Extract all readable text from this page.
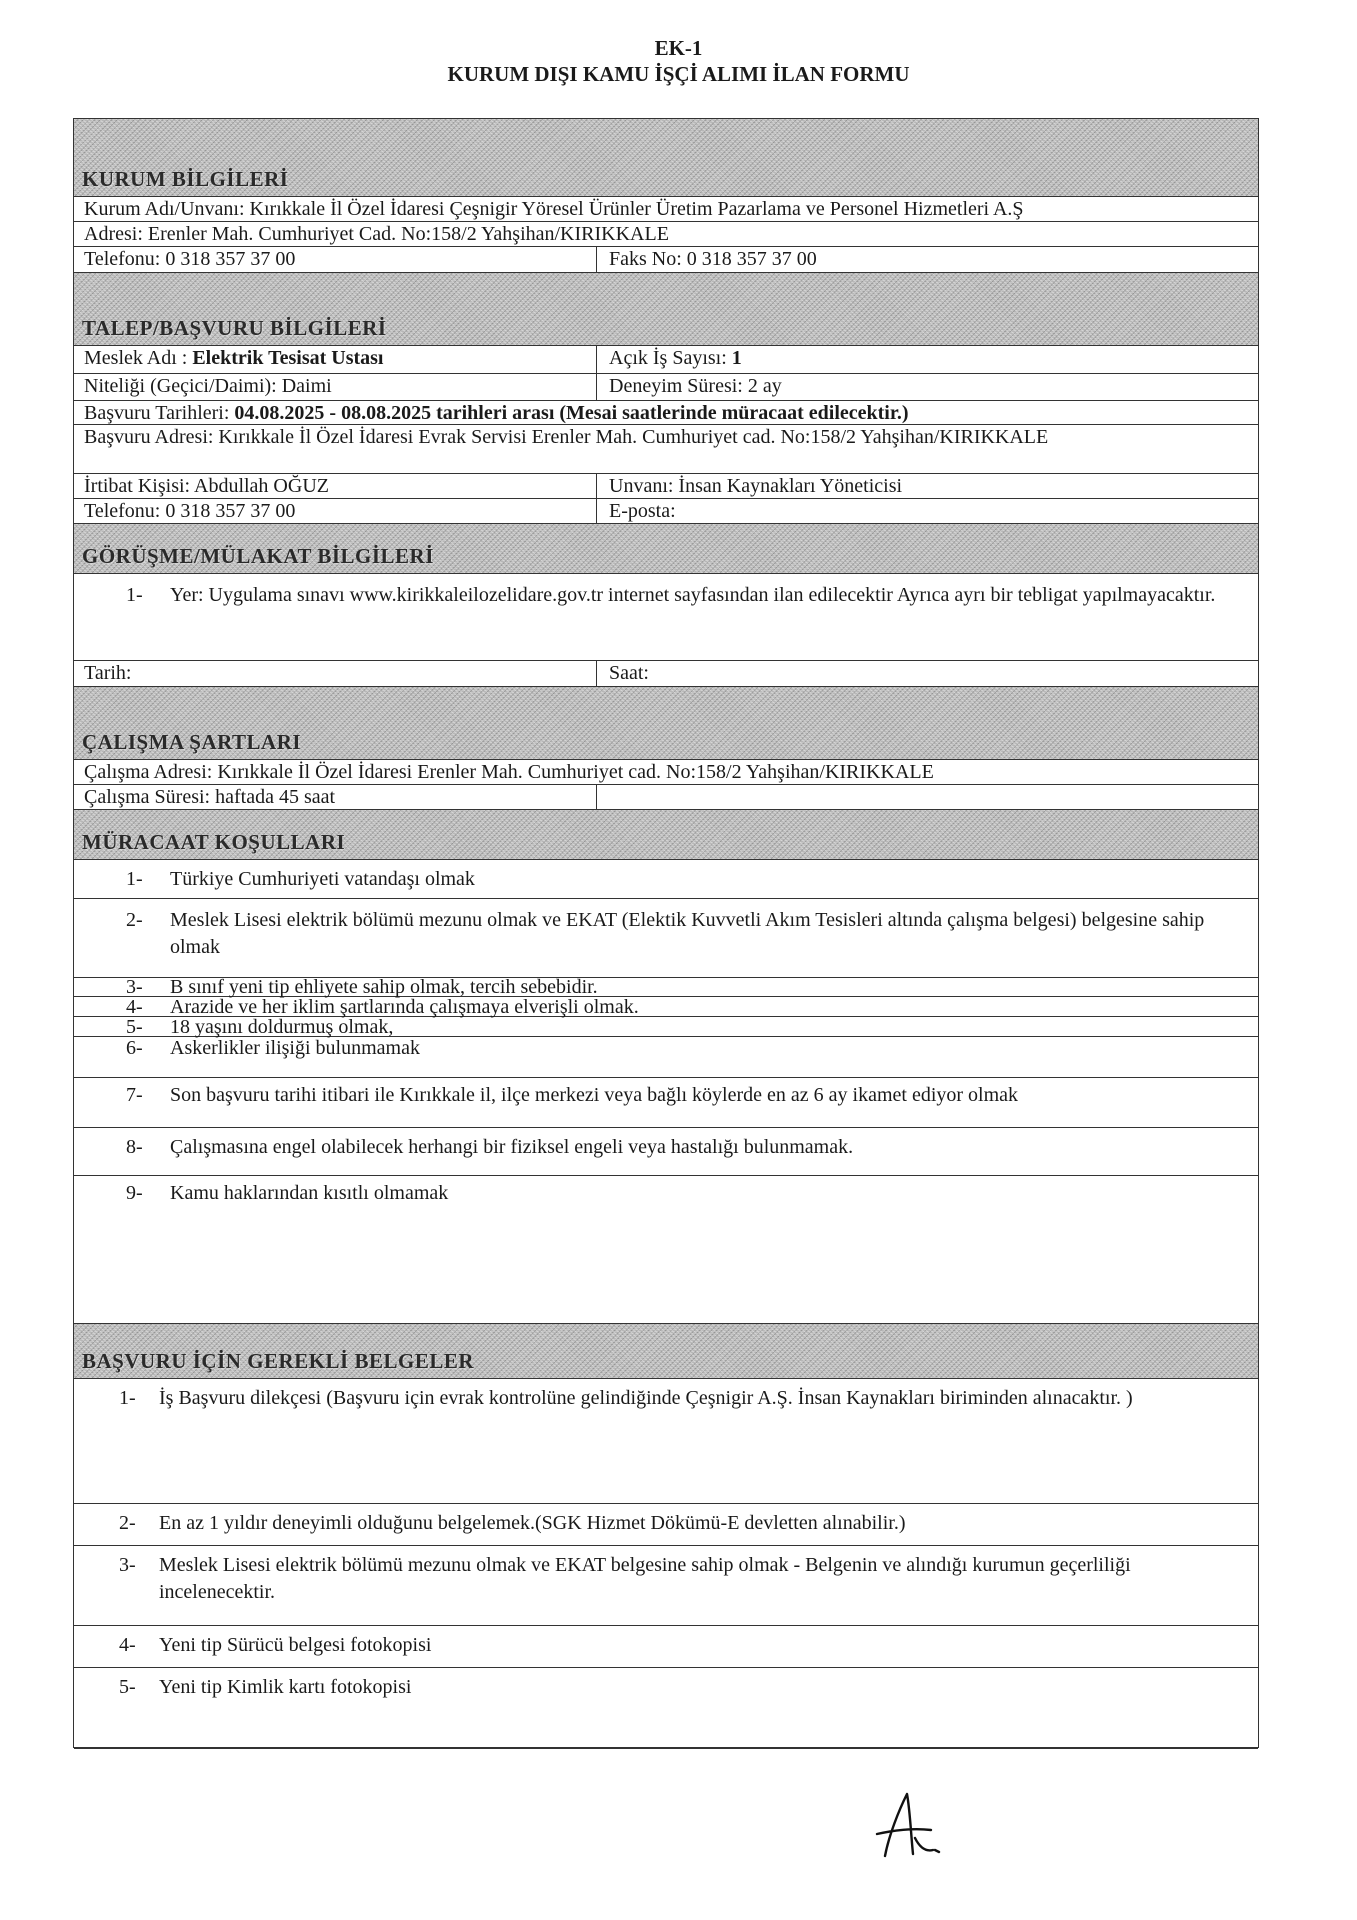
EK-1
KURUM DIŞI KAMU İŞÇİ ALIMI İLAN FORMU
KURUM BİLGİLERİ
Kurum Adı/Unvanı: Kırıkkale İl Özel İdaresi Çeşnigir Yöresel Ürünler Üretim Pazarlama ve Personel Hizmetleri A.Ş
Adresi: Erenler Mah. Cumhuriyet Cad. No:158/2 Yahşihan/KIRIKKALE
Telefonu: 0 318 357 37 00	Faks No: 0 318 357 37 00
TALEP/BAŞVURU BİLGİLERİ
Meslek Adı : Elektrik Tesisat Ustası	Açık İş Sayısı: 1
Niteliği (Geçici/Daimi): Daimi	Deneyim Süresi: 2 ay
Başvuru Tarihleri: 04.08.2025 - 08.08.2025 tarihleri arası (Mesai saatlerinde müracaat edilecektir.)
Başvuru Adresi: Kırıkkale İl Özel İdaresi Evrak Servisi Erenler Mah. Cumhuriyet cad. No:158/2 Yahşihan/KIRIKKALE
İrtibat Kişisi: Abdullah OĞUZ	Unvanı: İnsan Kaynakları Yöneticisi
Telefonu: 0 318 357 37 00	E-posta:
GÖRÜŞME/MÜLAKAT BİLGİLERİ
1-	Yer: Uygulama sınavı www.kirikkaleilozelidare.gov.tr internet sayfasından ilan edilecektir Ayrıca ayrı bir tebligat yapılmayacaktır.
Tarih:	Saat:
ÇALIŞMA ŞARTLARI
Çalışma Adresi: Kırıkkale İl Özel İdaresi Erenler Mah. Cumhuriyet cad. No:158/2 Yahşihan/KIRIKKALE
Çalışma Süresi: haftada 45 saat
MÜRACAAT KOŞULLARI
1-	Türkiye Cumhuriyeti vatandaşı olmak
2-	Meslek Lisesi elektrik bölümü mezunu olmak ve EKAT (Elektik Kuvvetli Akım Tesisleri altında çalışma belgesi) belgesine sahip olmak
3-	B sınıf yeni tip ehliyete sahip olmak, tercih sebebidir.
4-	Arazide ve her iklim şartlarında çalışmaya elverişli olmak.
5-	18 yaşını doldurmuş olmak,
6-	Askerlikler ilişiği bulunmamak
7-	Son başvuru tarihi itibari ile Kırıkkale il, ilçe merkezi veya bağlı köylerde en az 6 ay ikamet ediyor olmak
8-	Çalışmasına engel olabilecek herhangi bir fiziksel engeli veya hastalığı bulunmamak.
9-	Kamu haklarından kısıtlı olmamak
BAŞVURU İÇİN GEREKLİ BELGELER
1-	İş Başvuru dilekçesi (Başvuru için evrak kontrolüne gelindiğinde Çeşnigir A.Ş. İnsan Kaynakları biriminden alınacaktır. )
2-	En az 1 yıldır deneyimli olduğunu belgelemek.(SGK Hizmet Dökümü-E devletten alınabilir.)
3-	Meslek Lisesi elektrik bölümü mezunu olmak ve EKAT belgesine sahip olmak - Belgenin ve alındığı kurumun geçerliliği incelenecektir.
4-	Yeni tip Sürücü belgesi fotokopisi
5-	Yeni tip Kimlik kartı fotokopisi
